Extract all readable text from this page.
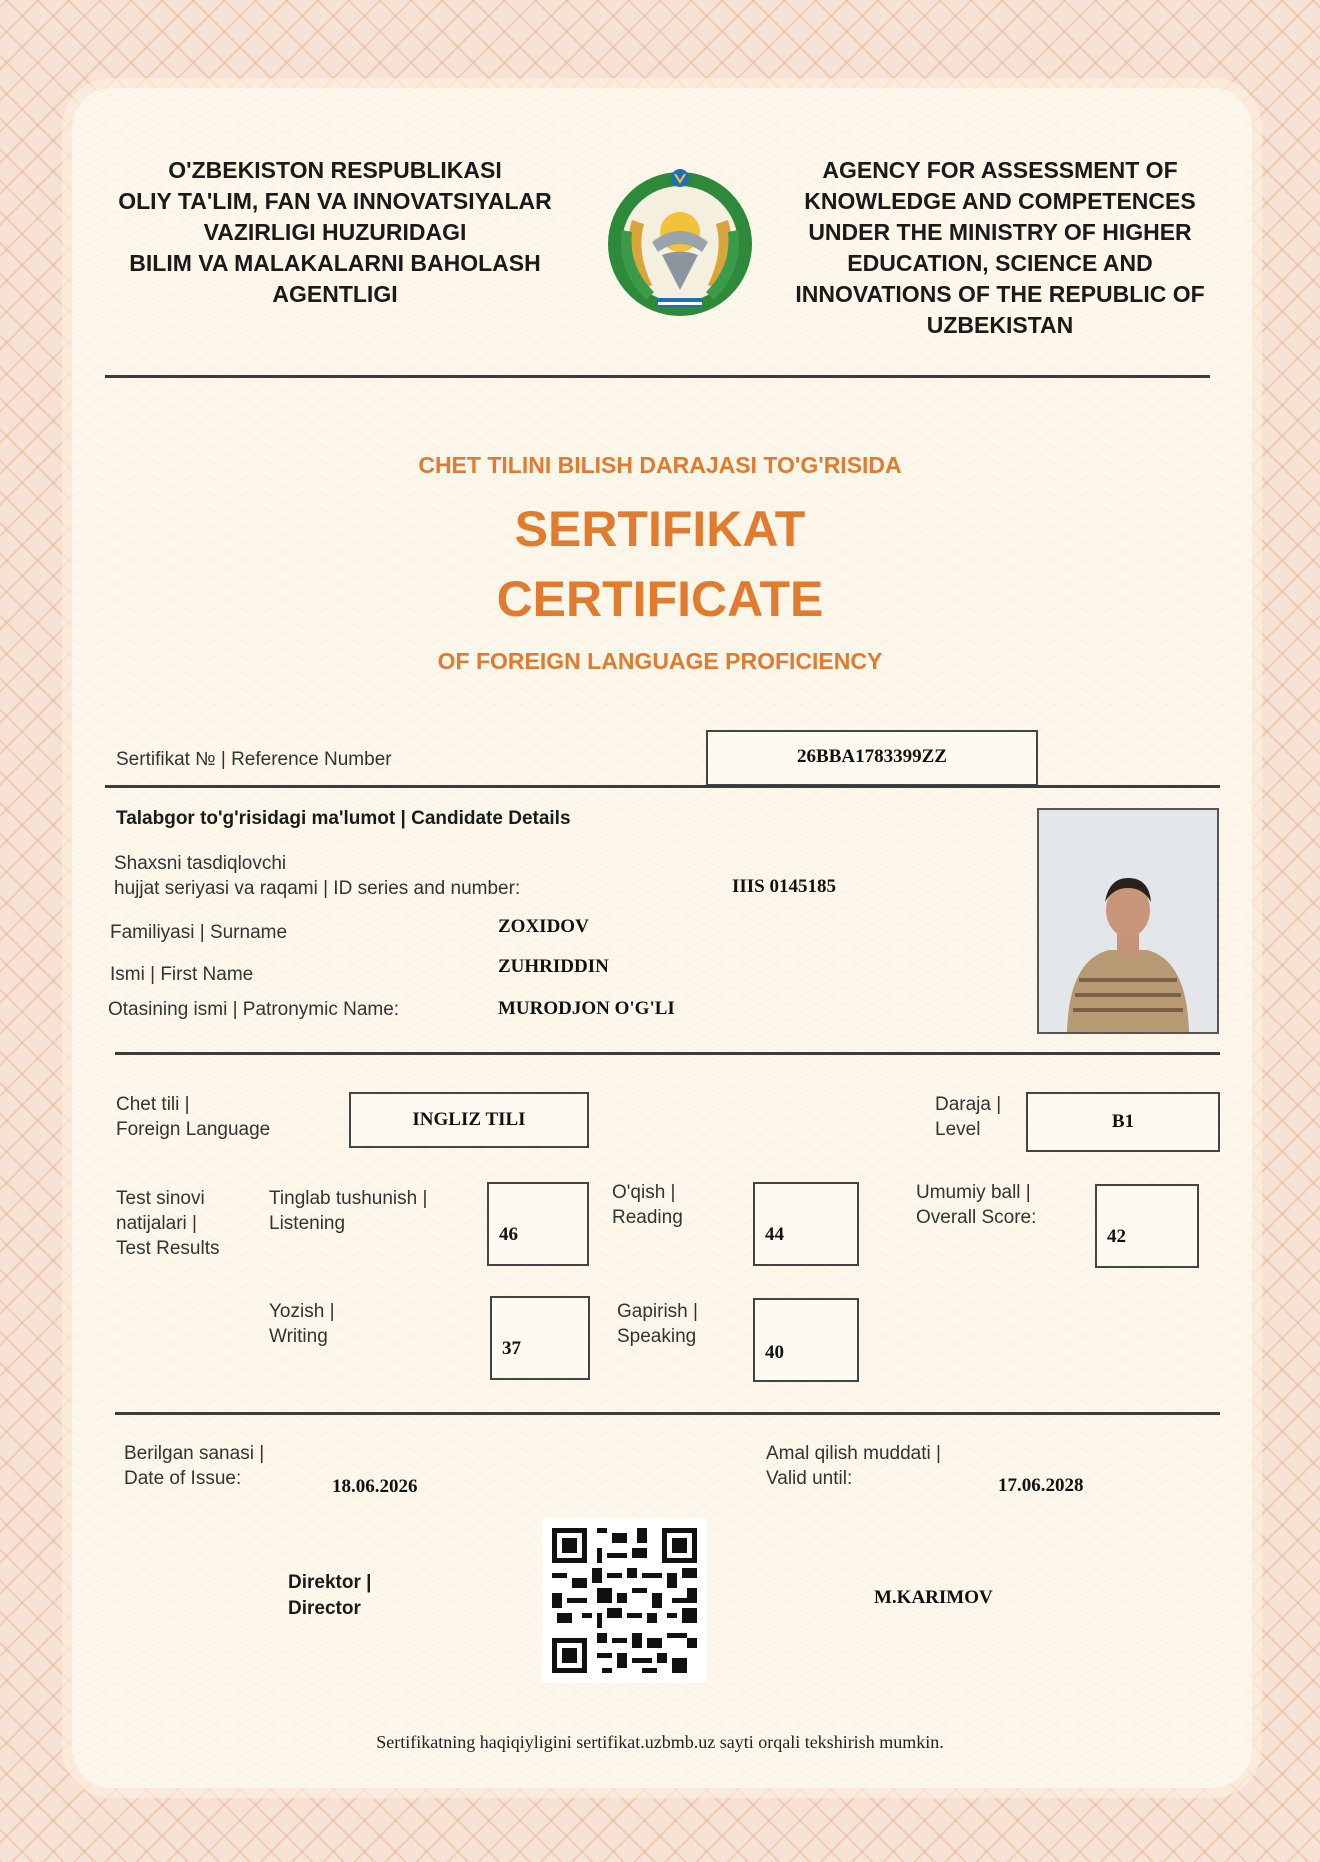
O'ZBEKISTON RESPUBLIKASI
OLIY TA'LIM, FAN VA INNOVATSIYALAR
VAZIRLIGI HUZURIDAGI
BILIM VA MALAKALARNI BAHOLASH
AGENTLIGI
AGENCY FOR ASSESSMENT OF
KNOWLEDGE AND COMPETENCES
UNDER THE MINISTRY OF HIGHER
EDUCATION, SCIENCE AND
INNOVATIONS OF THE REPUBLIC OF
UZBEKISTAN
CHET TILINI BILISH DARAJASI TO'G'RISIDA
SERTIFIKAT
CERTIFICATE
OF FOREIGN LANGUAGE PROFICIENCY
Sertifikat № | Reference Number	26BBA1783399ZZ
Talabgor to'g'risidagi ma'lumot | Candidate Details
Shaxsni tasdiqlovchi
hujjat seriyasi va raqami | ID series and number:	IIIS 0145185
Familiyasi | Surname	ZOXIDOV
Ismi | First Name	ZUHRIDDIN
Otasining ismi | Patronymic Name:	MURODJON O'G'LI
Chet tili |
Foreign Language	INGLIZ TILI
Daraja |
Level	B1
Test sinovi
natijalari |
Test Results
Tinglab tushunish |
Listening
46
O'qish |
Reading
44
Umumiy ball |
Overall Score:
42
Yozish |
Writing
37
Gapirish |
Speaking
40
Berilgan sanasi |
Date of Issue:	18.06.2026
Amal qilish muddati |
Valid until:	17.06.2028
Direktor |
Director
M.KARIMOV
Sertifikatning haqiqiyligini sertifikat.uzbmb.uz sayti orqali tekshirish mumkin.
